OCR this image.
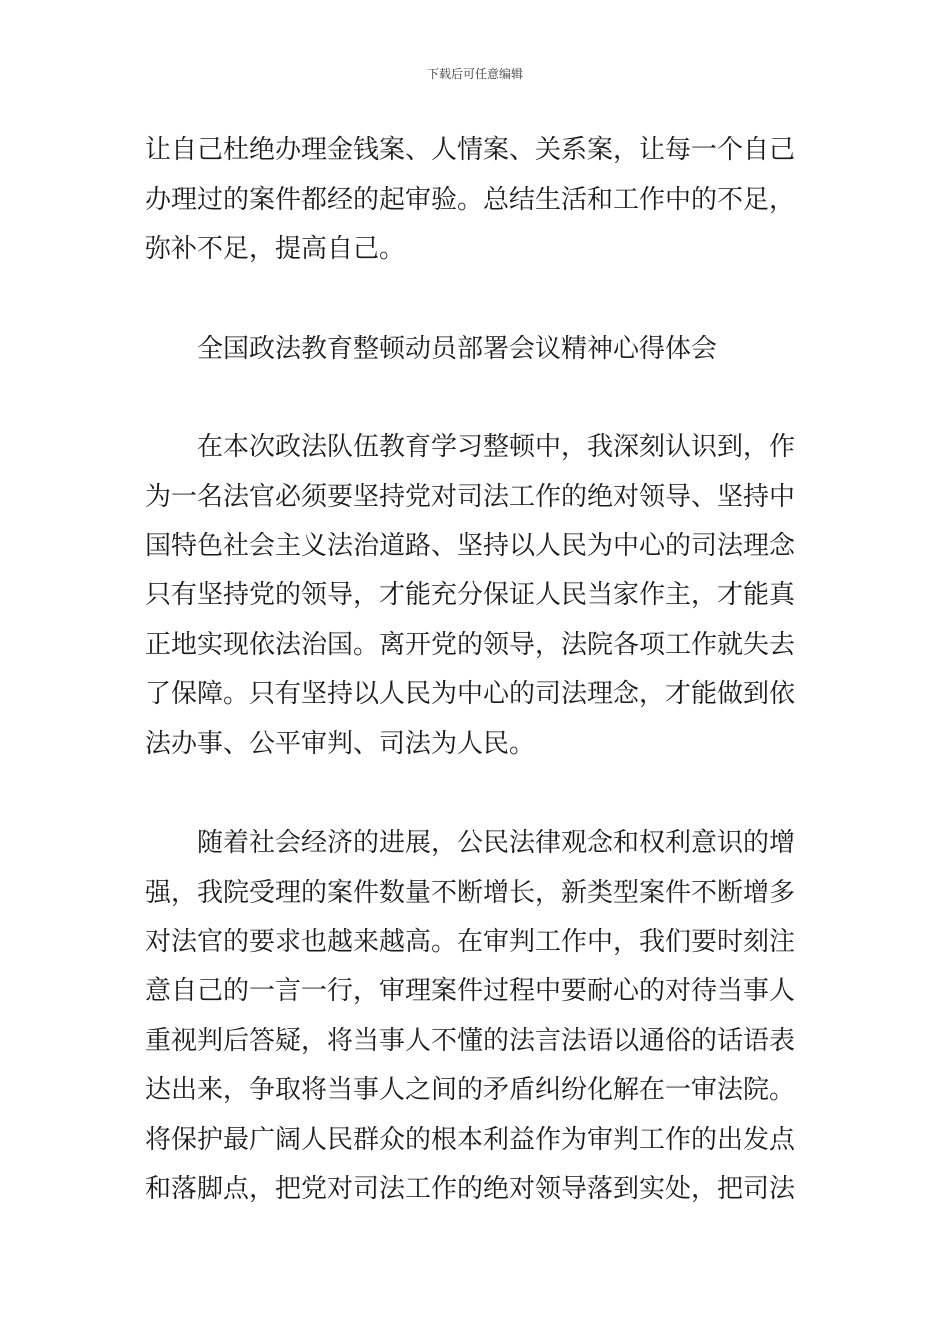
下载后可任意编辑
让自己杜绝办理金钱案、人情案、关系案，让每一个自己
办理过的案件都经的起审验。总结生活和工作中的不足，
弥补不足，提高自己。
全国政法教育整顿动员部署会议精神心得体会
在本次政法队伍教育学习整顿中，我深刻认识到，作
为一名法官必须要坚持党对司法工作的绝对领导、坚持中
国特色社会主义法治道路、坚持以人民为中心的司法理念
只有坚持党的领导，才能充分保证人民当家作主，才能真
正地实现依法治国。离开党的领导，法院各项工作就失去
了保障。只有坚持以人民为中心的司法理念，才能做到依
法办事、公平审判、司法为人民。
随着社会经济的进展，公民法律观念和权利意识的增
强，我院受理的案件数量不断增长，新类型案件不断增多
对法官的要求也越来越高。在审判工作中，我们要时刻注
意自己的一言一行，审理案件过程中要耐心的对待当事人
重视判后答疑，将当事人不懂的法言法语以通俗的话语表
达出来，争取将当事人之间的矛盾纠纷化解在一审法院。
将保护最广阔人民群众的根本利益作为审判工作的出发点
和落脚点，把党对司法工作的绝对领导落到实处，把司法
